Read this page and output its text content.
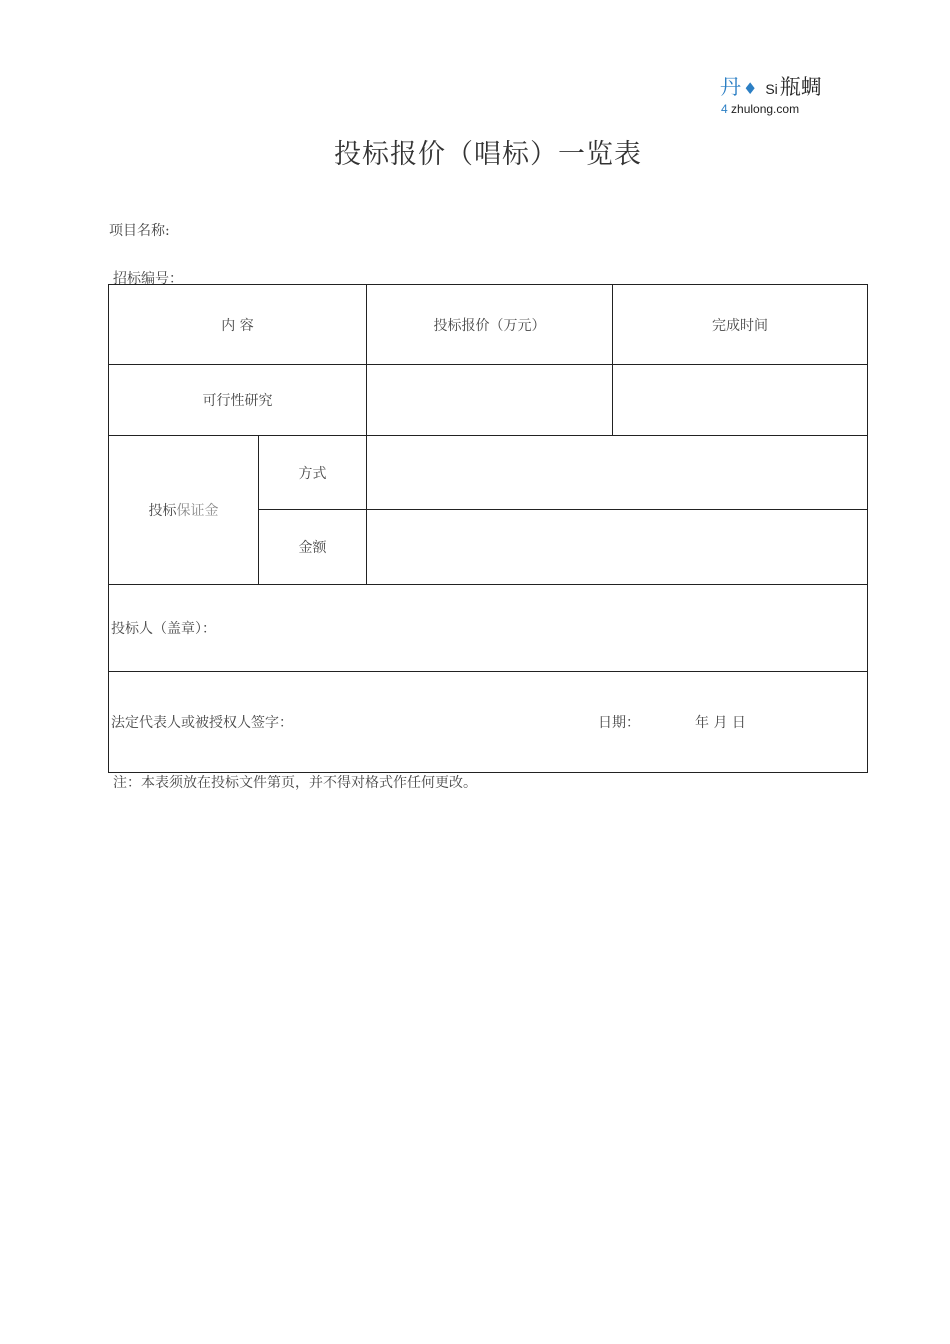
丹 ♦ Si瓶蜩
4 zhulong.com
投标报价（唱标）一览表
项目名称:
招标编号：
内 容		投标报价（万元）	完成时间
可行性研究			
投标保证金	方式		
	金额		
投标人（盖章）：			

法定代表人或被授权人签字： 日期： 年 月 日			
注：本表须放在投标文件第页，并不得对格式作任何更改。
